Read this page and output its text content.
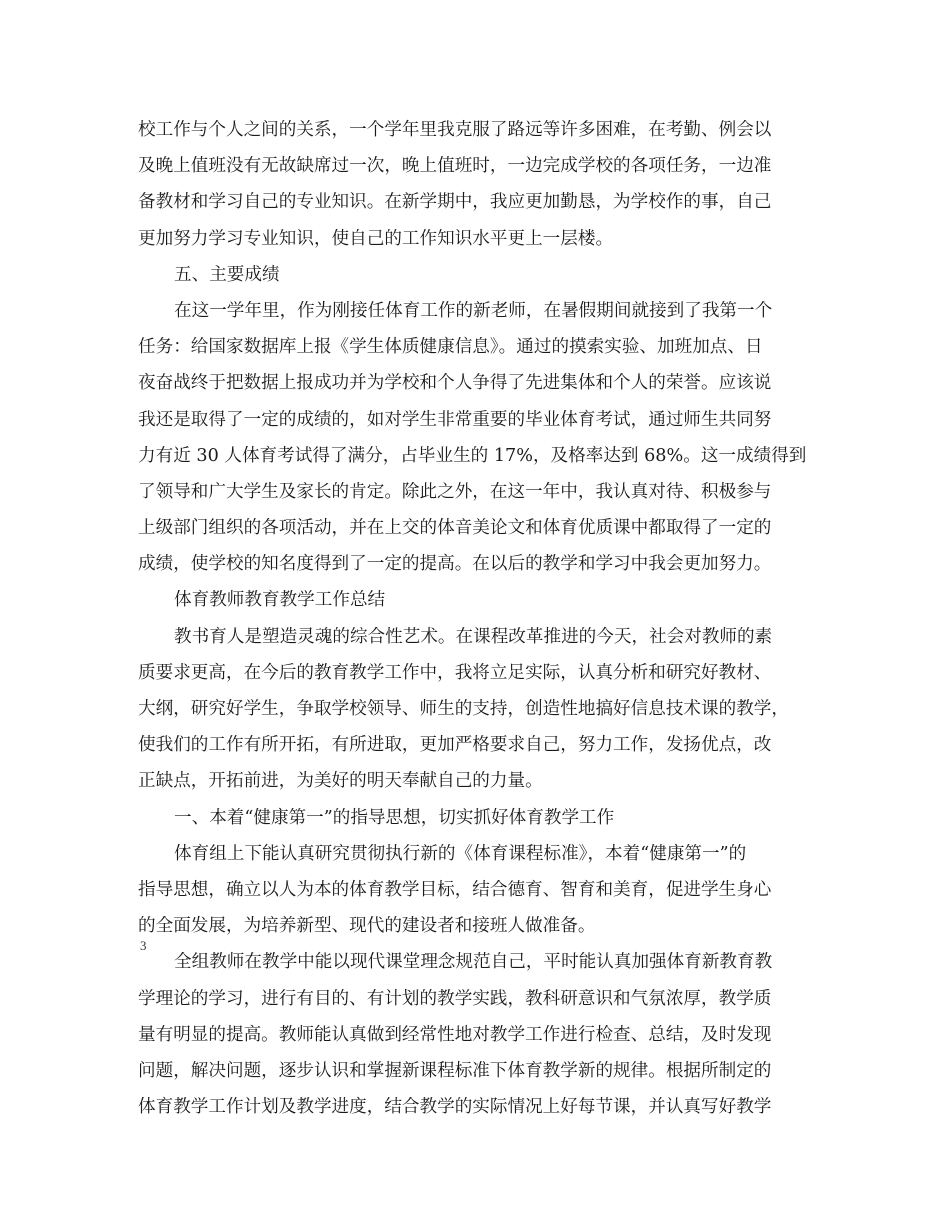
校工作与个人之间的关系，一个学年里我克服了路远等许多困难，在考勤、例会以
及晚上值班没有无故缺席过一次，晚上值班时，一边完成学校的各项任务，一边准
备教材和学习自己的专业知识。在新学期中，我应更加勤恳，为学校作的事，自己
更加努力学习专业知识，使自己的工作知识水平更上一层楼。
五、主要成绩
在这一学年里，作为刚接任体育工作的新老师，在暑假期间就接到了我第一个
任务：给国家数据库上报《学生体质健康信息》。通过的摸索实验、加班加点、日
夜奋战终于把数据上报成功并为学校和个人争得了先进集体和个人的荣誉。应该说
我还是取得了一定的成绩的，如对学生非常重要的毕业体育考试，通过师生共同努
力有近 30 人体育考试得了满分，占毕业生的 17%，及格率达到 68%。这一成绩得到
了领导和广大学生及家长的肯定。除此之外，在这一年中，我认真对待、积极参与
上级部门组织的各项活动，并在上交的体音美论文和体育优质课中都取得了一定的
成绩，使学校的知名度得到了一定的提高。在以后的教学和学习中我会更加努力。
体育教师教育教学工作总结
教书育人是塑造灵魂的综合性艺术。在课程改革推进的今天，社会对教师的素
质要求更高，在今后的教育教学工作中，我将立足实际，认真分析和研究好教材、
大纲，研究好学生，争取学校领导、师生的支持，创造性地搞好信息技术课的教学，
使我们的工作有所开拓，有所进取，更加严格要求自己，努力工作，发扬优点，改
正缺点，开拓前进，为美好的明天奉献自己的力量。
一、本着“健康第一”的指导思想，切实抓好体育教学工作
体育组上下能认真研究贯彻执行新的《体育课程标准》，本着“健康第一”的
指导思想，确立以人为本的体育教学目标，结合德育、智育和美育，促进学生身心
的全面发展，为培养新型、现代的建设者和接班人做准备。
全组教师在教学中能以现代课堂理念规范自己，平时能认真加强体育新教育教
学理论的学习，进行有目的、有计划的教学实践，教科研意识和气氛浓厚，教学质
量有明显的提高。教师能认真做到经常性地对教学工作进行检查、总结，及时发现
问题，解决问题，逐步认识和掌握新课程标准下体育教学新的规律。根据所制定的
体育教学工作计划及教学进度，结合教学的实际情况上好每节课，并认真写好教学
3
